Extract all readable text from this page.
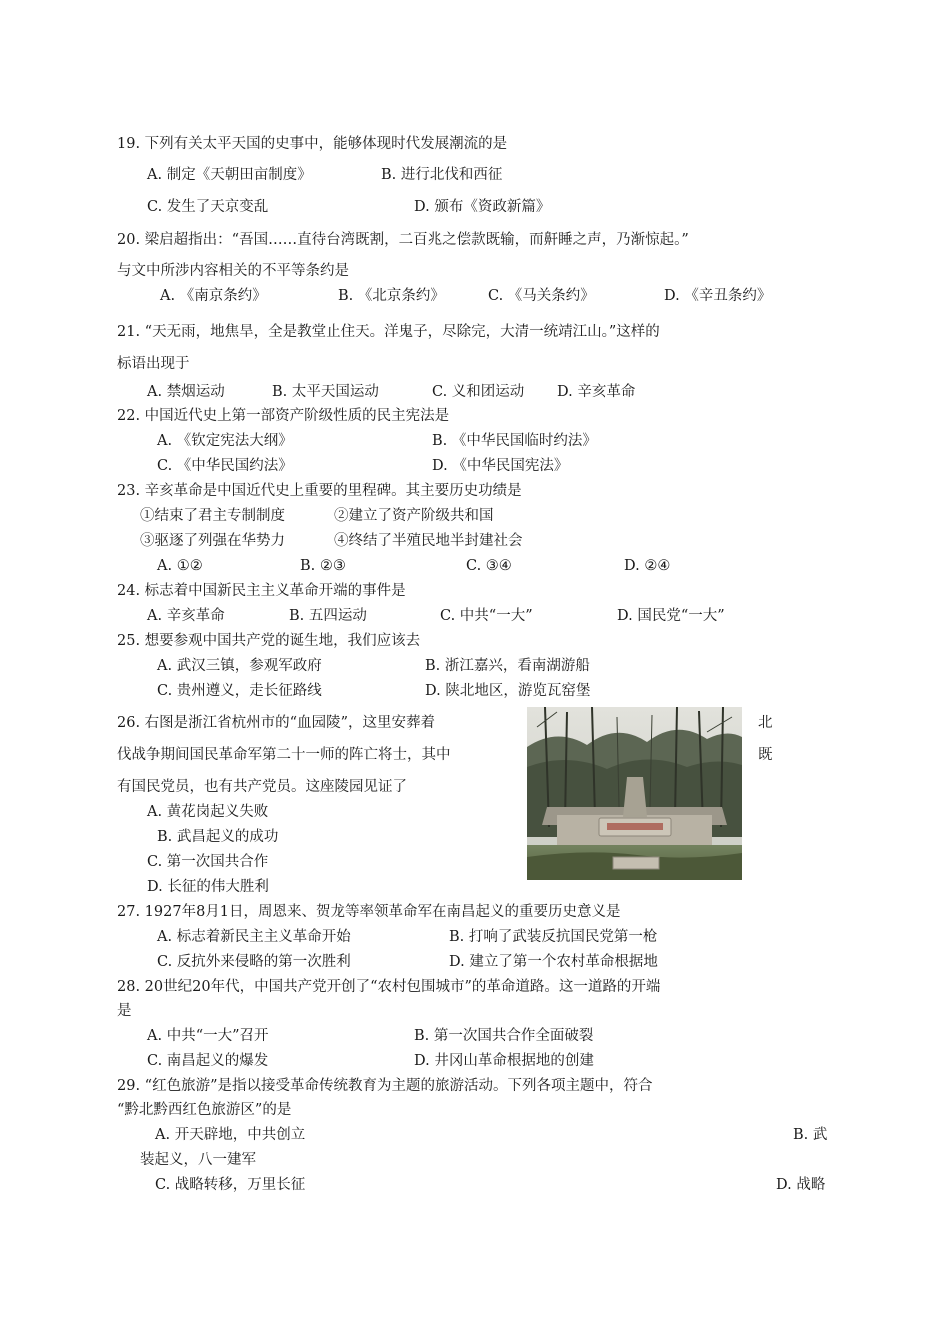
19. 下列有关太平天国的史事中，能够体现时代发展潮流的是
A. 制定《天朝田亩制度》	B. 进行北伐和西征
C. 发生了天京变乱	D. 颁布《资政新篇》
20. 梁启超指出：“吾国……直待台湾既割，二百兆之偿款既输，而鼾睡之声，乃渐惊起。”
与文中所涉内容相关的不平等条约是
A. 《南京条约》	B. 《北京条约》	C. 《马关条约》	D. 《辛丑条约》
21. “天无雨，地焦旱，全是教堂止住天。洋鬼子，尽除完，大清一统靖江山。”这样的
标语出现于
A. 禁烟运动	B. 太平天国运动	C. 义和团运动 D. 辛亥革命
22. 中国近代史上第一部资产阶级性质的民主宪法是
A. 《钦定宪法大纲》	B. 《中华民国临时约法》
C. 《中华民国约法》	D. 《中华民国宪法》
23. 辛亥革命是中国近代史上重要的里程碑。其主要历史功绩是
①结束了君主专制制度	②建立了资产阶级共和国
③驱逐了列强在华势力	④终结了半殖民地半封建社会
A. ①②	B. ②③	C. ③④	D. ②④
24. 标志着中国新民主主义革命开端的事件是
A. 辛亥革命	B. 五四运动	C. 中共“一大”	D. 国民党“一大”
25. 想要参观中国共产党的诞生地，我们应该去
A. 武汉三镇，参观军政府	B. 浙江嘉兴，看南湖游船
C. 贵州遵义，走长征路线	D. 陕北地区，游览瓦窑堡
26. 右图是浙江省杭州市的“血园陵”，这里安葬着	北
伐战争期间国民革命军第二十一师的阵亡将士，其中	既
有国民党员，也有共产党员。这座陵园见证了
A. 黄花岗起义失败
B. 武昌起义的成功
C. 第一次国共合作
D. 长征的伟大胜利
27. 1927年8月1日，周恩来、贺龙等率领革命军在南昌起义的重要历史意义是
A. 标志着新民主主义革命开始	B. 打响了武装反抗国民党第一枪
C. 反抗外来侵略的第一次胜利	D. 建立了第一个农村革命根据地
28. 20世纪20年代，中国共产党开创了“农村包围城市”的革命道路。这一道路的开端
是
A. 中共“一大”召开	B. 第一次国共合作全面破裂
C. 南昌起义的爆发	D. 井冈山革命根据地的创建
29. “红色旅游”是指以接受革命传统教育为主题的旅游活动。下列各项主题中，符合
“黔北黔西红色旅游区”的是
A. 开天辟地，中共创立	B. 武
装起义，八一建军
C. 战略转移，万里长征	D. 战略
